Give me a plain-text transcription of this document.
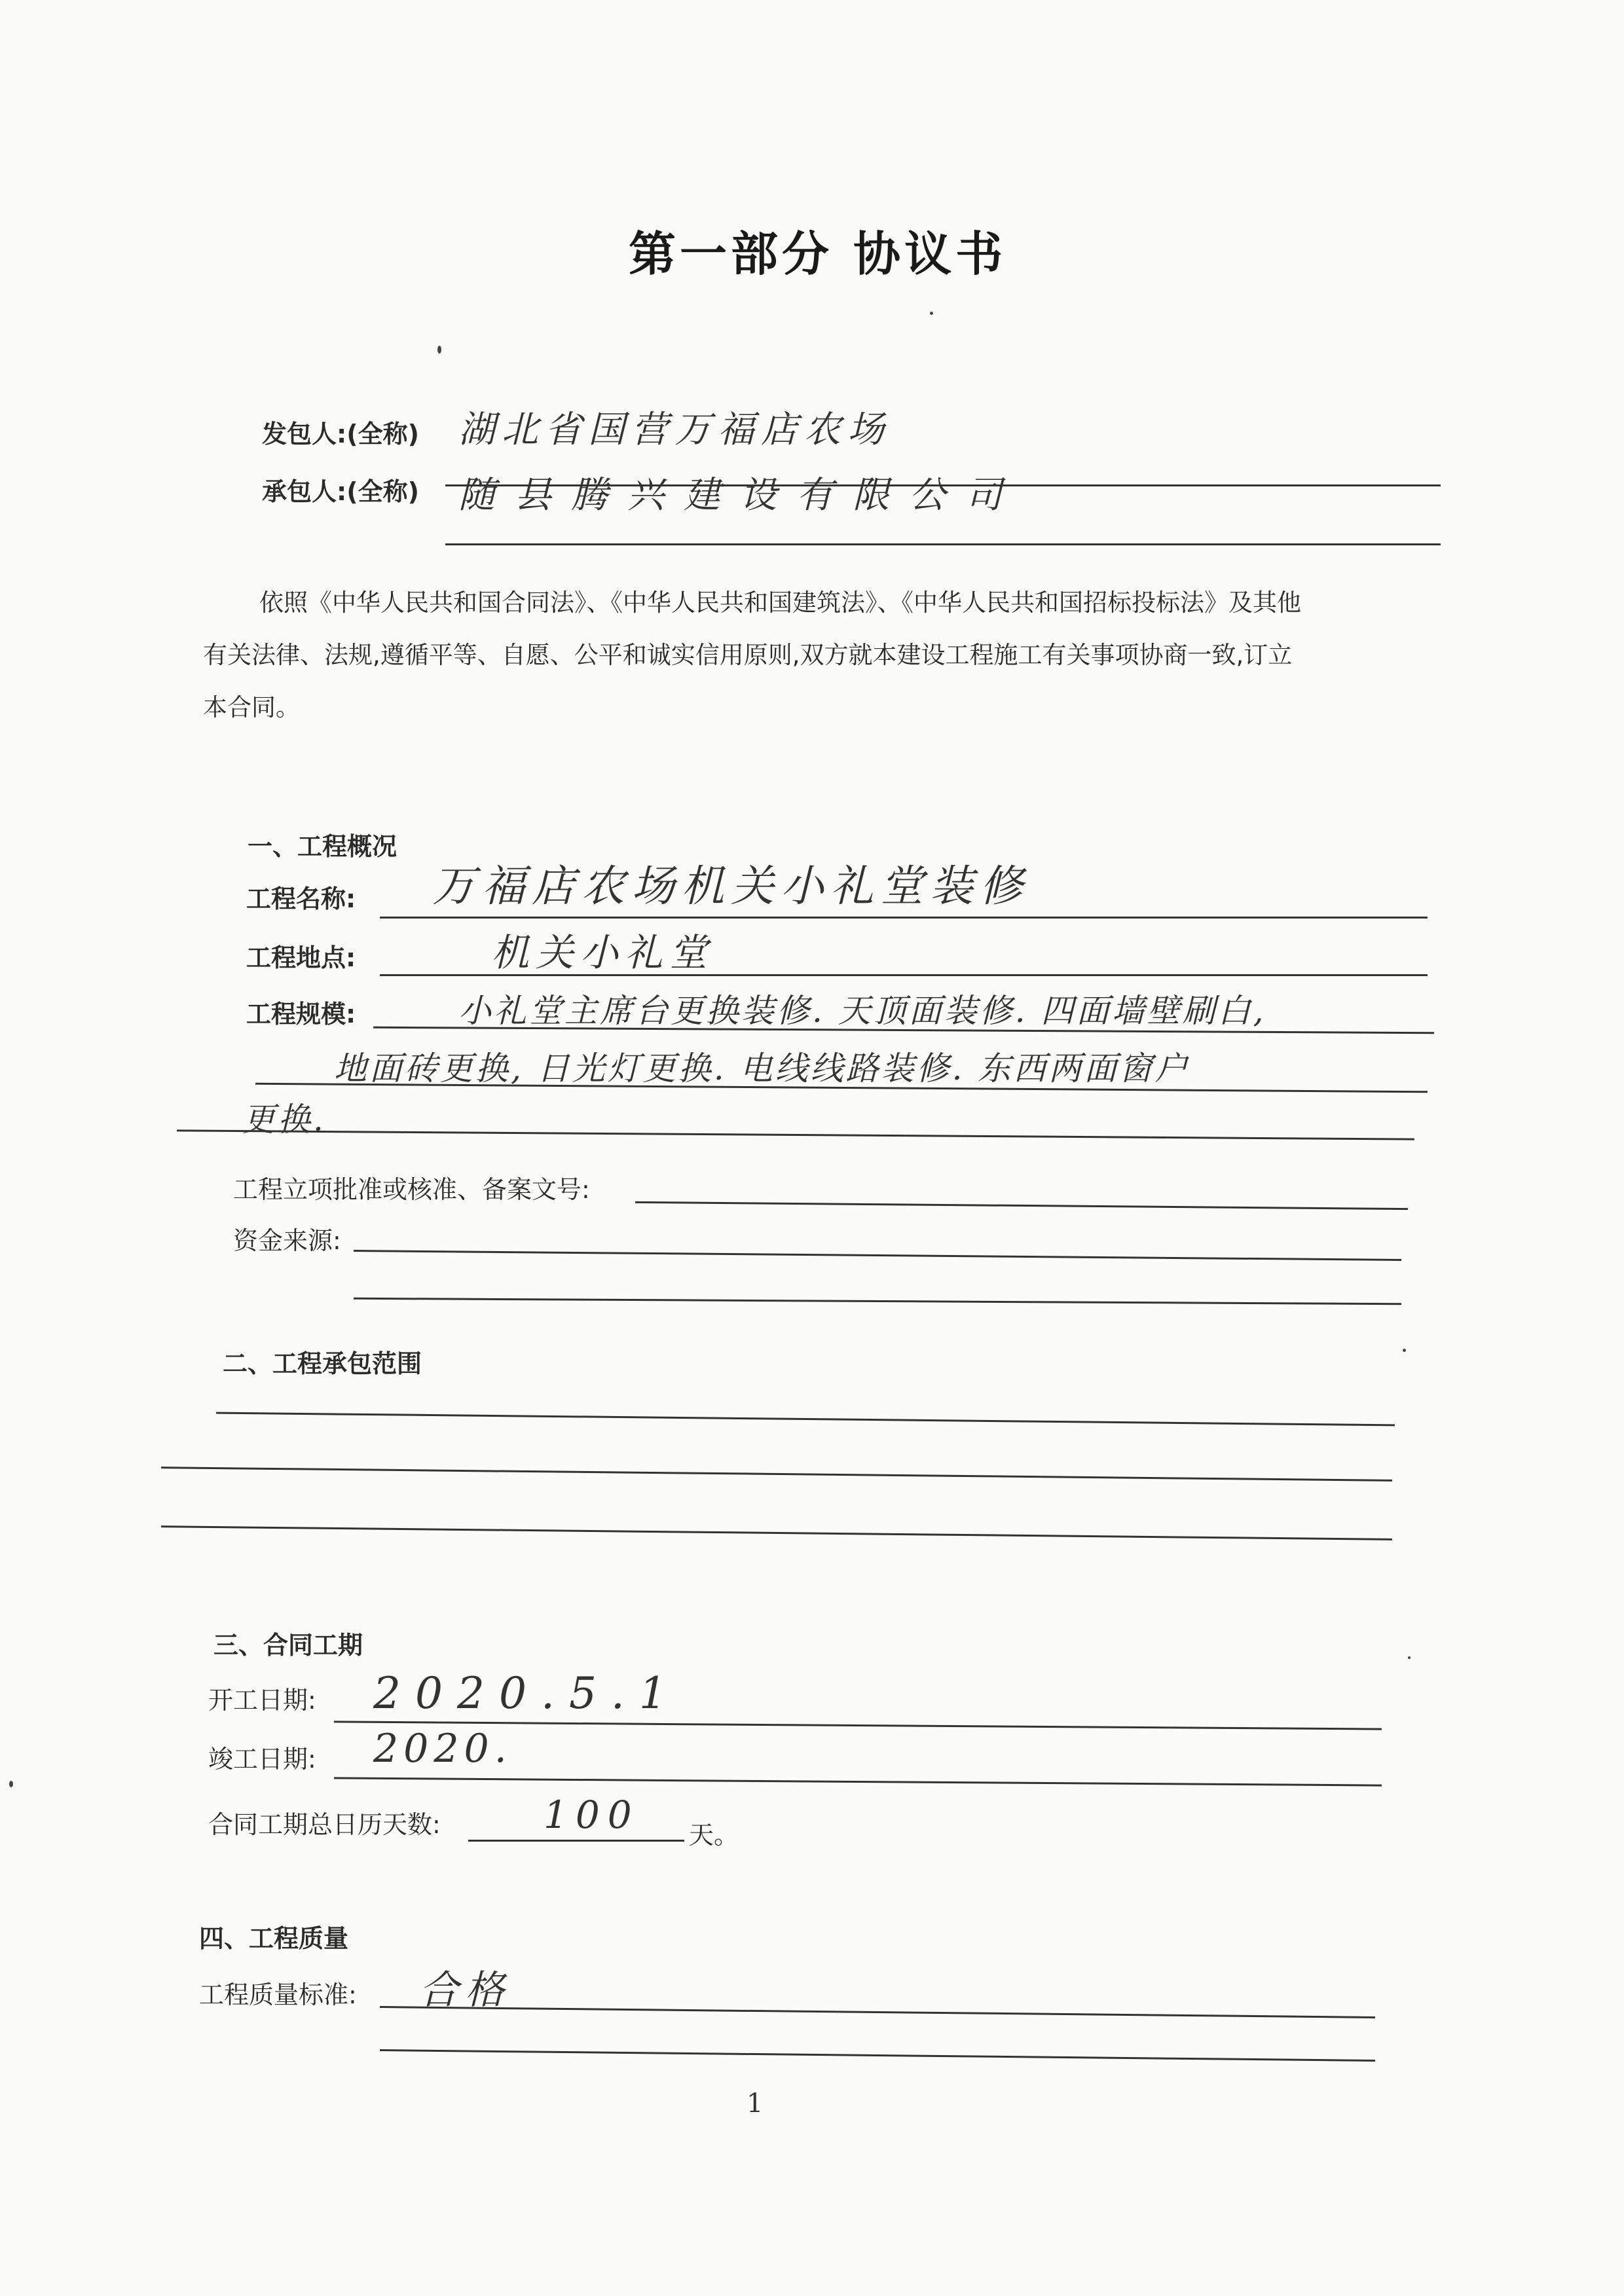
第一部分 协议书
发包人:(全称) 湖北省国营万福店农场
承包人:(全称) 随县腾兴建设有限公司
依照《中华人民共和国合同法》、《中华人民共和国建筑法》、《中华人民共和国招标投标法》及其他
有关法律、法规,遵循平等、自愿、公平和诚实信用原则,双方就本建设工程施工有关事项协商一致,订立
本合同。
一、工程概况
工程名称: 万福店农场机关小礼堂装修
工程地点:	机关小礼堂
工程规模:	小礼堂主席台更换装修. 天顶面装修. 四面墙壁刷白,
地面砖更换, 日光灯更换. 电线线路装修. 东西两面窗户
更换.
工程立项批准或核准、备案文号:
资金来源:
二、工程承包范围
三、合同工期
开工日期: 2020.5.1
竣工日期: 2020.
合同工期总日历天数:	100 天。
四、工程质量
工程质量标准: 合格
1
